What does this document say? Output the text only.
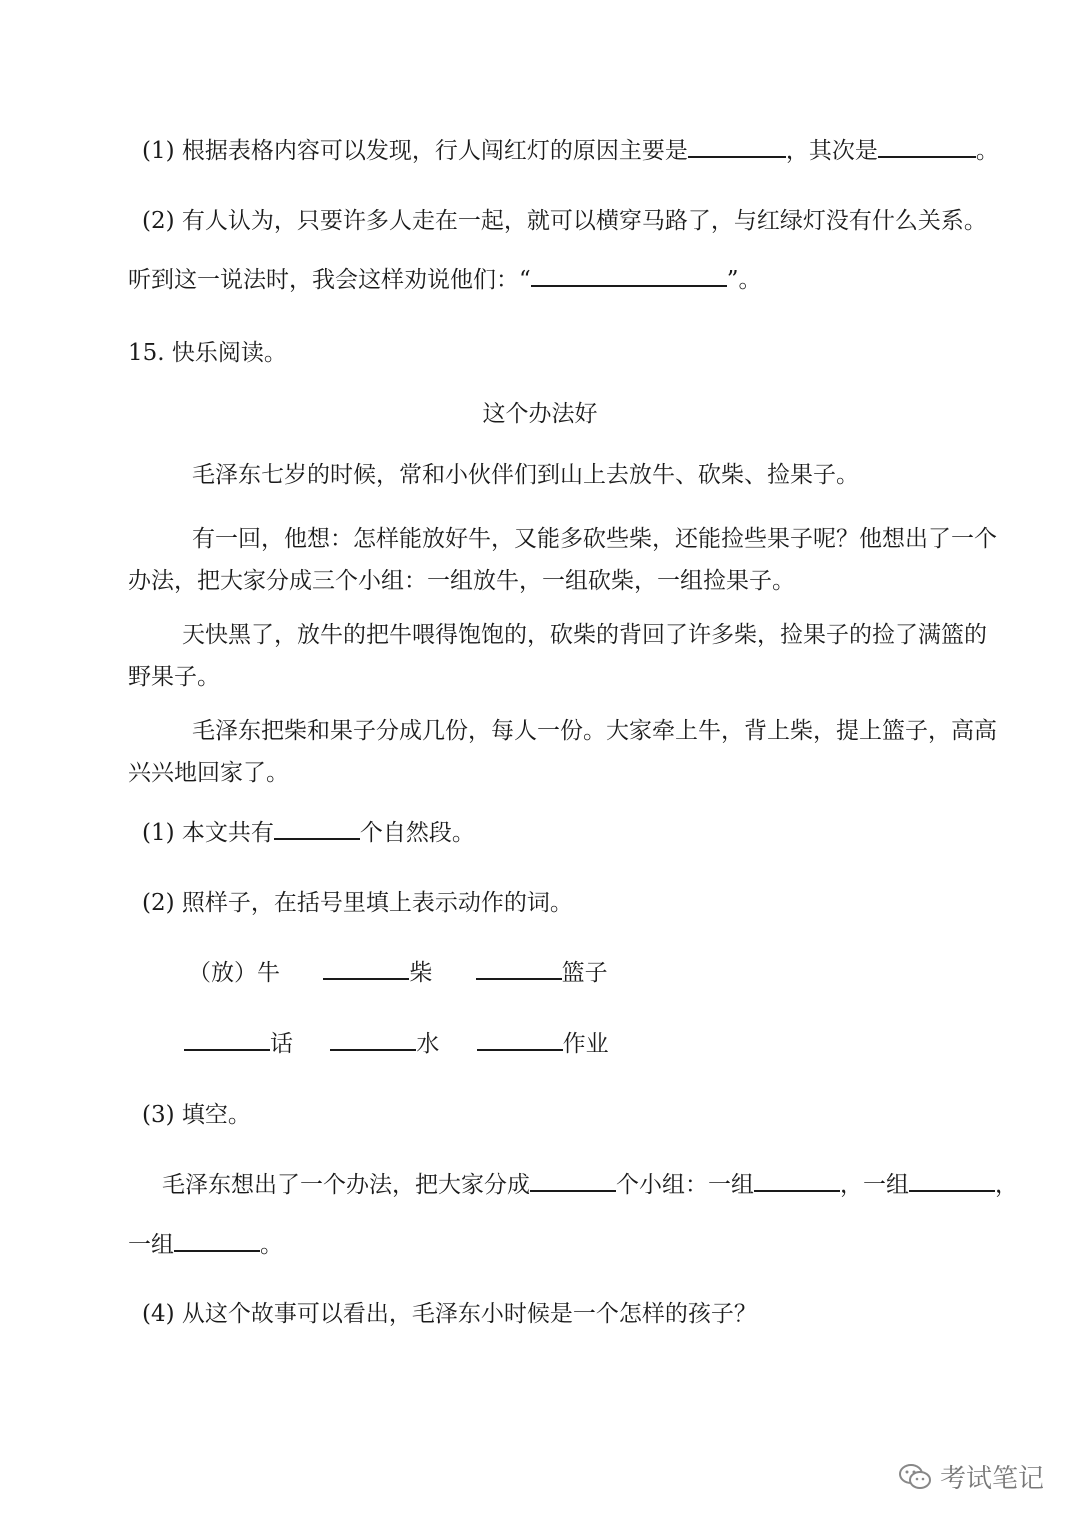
(1) 根据表格内容可以发现，行人闯红灯的原因主要是	，其次是	。
(2) 有人认为，只要许多人走在一起，就可以横穿马路了，与红绿灯没有什么关系。
听到这一说法时，我会这样劝说他们：“	”。
15. 快乐阅读。
这个办法好
毛泽东七岁的时候，常和小伙伴们到山上去放牛、砍柴、捡果子。
有一回，他想：怎样能放好牛，又能多砍些柴，还能捡些果子呢？他想出了一个
办法，把大家分成三个小组：一组放牛，一组砍柴，一组捡果子。
天快黑了，放牛的把牛喂得饱饱的，砍柴的背回了许多柴，捡果子的捡了满篮的
野果子。
毛泽东把柴和果子分成几份，每人一份。大家牵上牛，背上柴，提上篮子，高高
兴兴地回家了。
(1) 本文共有	个自然段。
(2) 照样子，在括号里填上表示动作的词。
（放）牛	柴	篮子
话	水	作业
(3) 填空。
毛泽东想出了一个办法，把大家分成	个小组：一组	，一组	，
一组	。
(4) 从这个故事可以看出，毛泽东小时候是一个怎样的孩子？
考试笔记
